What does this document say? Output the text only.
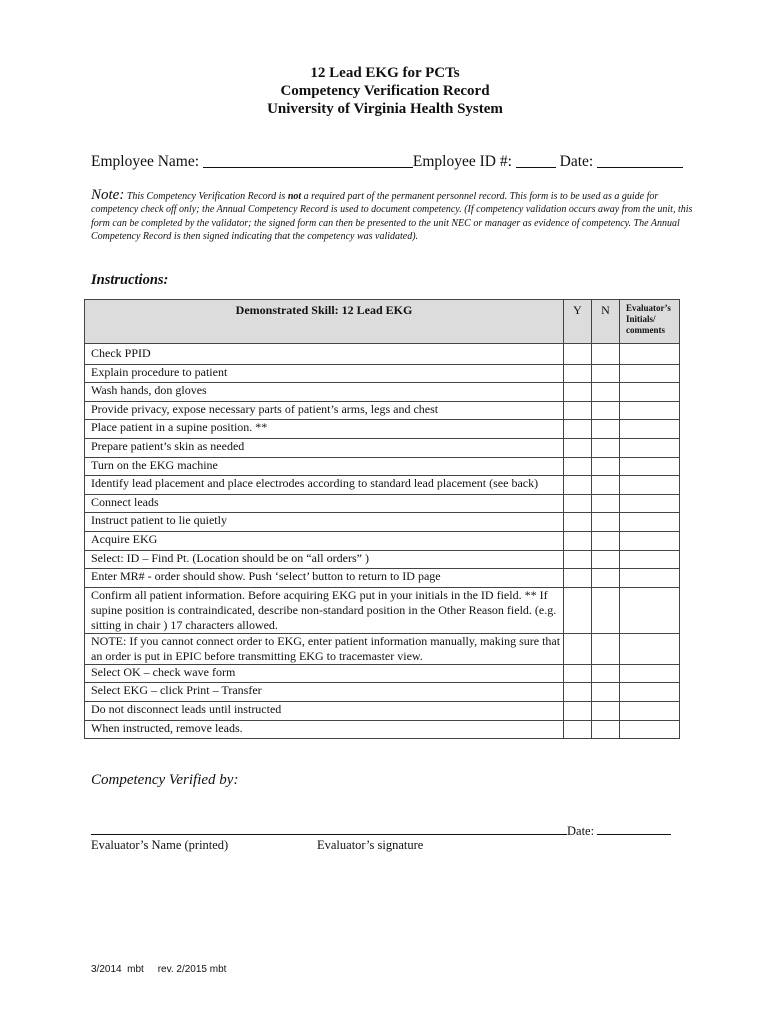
12 Lead EKG for PCTs
Competency Verification Record
University of Virginia Health System
Employee Name:	Employee ID #:	Date:
Note: This Competency Verification Record is not a required part of the permanent personnel record. This form is to be used as a guide for competency check off only; the Annual Competency Record is used to document competency. (If competency validation occurs away from the unit, this form can be completed by the validator; the signed form can then be presented to the unit NEC or manager as evidence of competency. The Annual Competency Record is then signed indicating that the competency was validated).
Instructions:
Demonstrated Skill: 12 Lead EKG	Y	N	Evaluator’s Initials/ comments
Check PPID			
Explain procedure to patient			
Wash hands, don gloves			
Provide privacy, expose necessary parts of patient’s arms, legs and chest			
Place patient in a supine position. **			
Prepare patient’s skin as needed			
Turn on the EKG machine			
Identify lead placement and place electrodes according to standard lead placement (see back)			
Connect leads			
Instruct patient to lie quietly			
Acquire EKG			
Select: ID – Find Pt. (Location should be on “all orders” )			
Enter MR# - order should show. Push ‘select’ button to return to ID page			
Confirm all patient information. Before acquiring EKG put in your initials in the ID field. ** If supine position is contraindicated, describe non-standard position in the Other Reason field. (e.g. sitting in chair ) 17 characters allowed.			
NOTE: If you cannot connect order to EKG, enter patient information manually, making sure that an order is put in EPIC before transmitting EKG to tracemaster view.			
Select OK – check wave form			
Select EKG – click Print – Transfer			
Do not disconnect leads until instructed			
When instructed, remove leads.			
Competency Verified by:
Date:
Evaluator’s Name (printed)	Evaluator’s signature
3/2014  mbt     rev. 2/2015 mbt
